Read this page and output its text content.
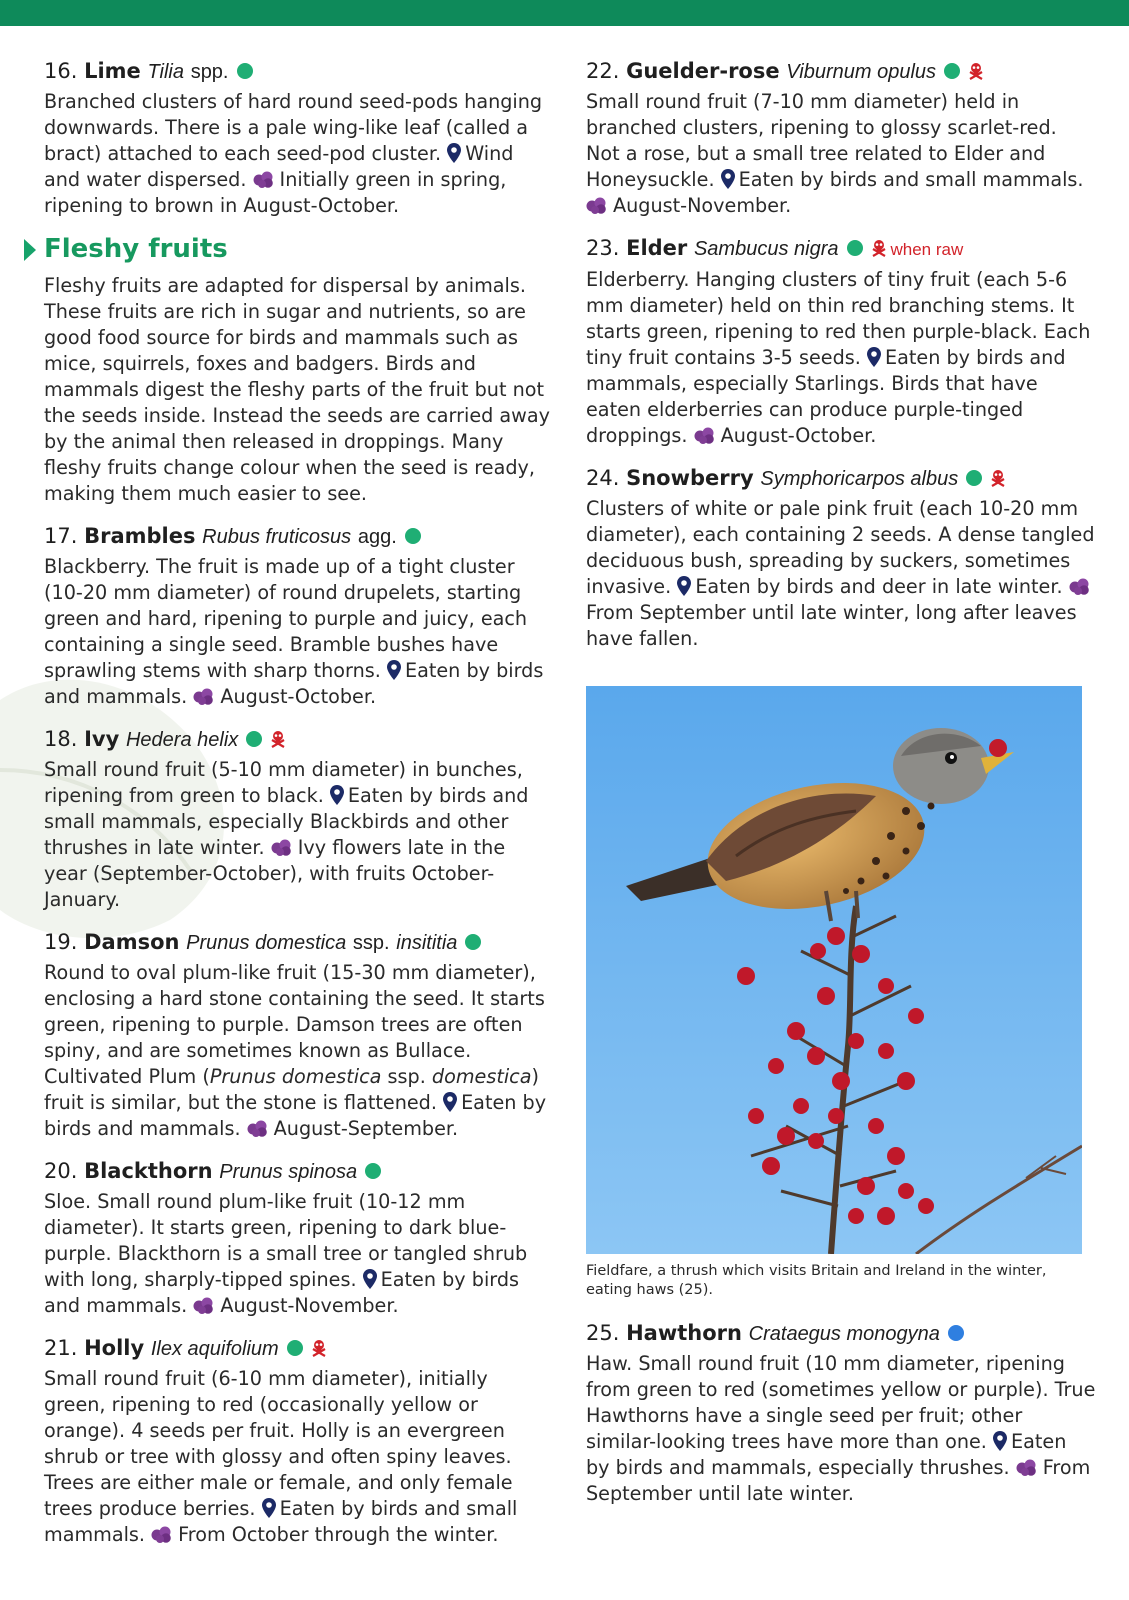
16. Lime Tilia spp.
Branched clusters of hard round seed-pods hanging downwards. There is a pale wing-like leaf (called a bract) attached to each seed-pod cluster. Wind and water dispersed. Initially green in spring, ripening to brown in August-October.
Fleshy fruits
Fleshy fruits are adapted for dispersal by animals. These fruits are rich in sugar and nutrients, so are good food source for birds and mammals such as mice, squirrels, foxes and badgers. Birds and mammals digest the fleshy parts of the fruit but not the seeds inside. Instead the seeds are carried away by the animal then released in droppings. Many fleshy fruits change colour when the seed is ready, making them much easier to see.
17. Brambles Rubus fruticosus agg.
Blackberry. The fruit is made up of a tight cluster (10-20 mm diameter) of round drupelets, starting green and hard, ripening to purple and juicy, each containing a single seed. Bramble bushes have sprawling stems with sharp thorns. Eaten by birds and mammals. August-October.
18. Ivy Hedera helix
Small round fruit (5-10 mm diameter) in bunches, ripening from green to black. Eaten by birds and small mammals, especially Blackbirds and other thrushes in late winter. Ivy flowers late in the year (September-October), with fruits October-January.
19. Damson Prunus domestica ssp. insititia
Round to oval plum-like fruit (15-30 mm diameter), enclosing a hard stone containing the seed. It starts green, ripening to purple. Damson trees are often spiny, and are sometimes known as Bullace. Cultivated Plum (Prunus domestica ssp. domestica) fruit is similar, but the stone is flattened. Eaten by birds and mammals. August-September.
20. Blackthorn Prunus spinosa
Sloe. Small round plum-like fruit (10-12 mm diameter). It starts green, ripening to dark blue-purple. Blackthorn is a small tree or tangled shrub with long, sharply-tipped spines. Eaten by birds and mammals. August-November.
21. Holly Ilex aquifolium
Small round fruit (6-10 mm diameter), initially green, ripening to red (occasionally yellow or orange). 4 seeds per fruit. Holly is an evergreen shrub or tree with glossy and often spiny leaves. Trees are either male or female, and only female trees produce berries. Eaten by birds and small mammals. From October through the winter.
22. Guelder-rose Viburnum opulus
Small round fruit (7-10 mm diameter) held in branched clusters, ripening to glossy scarlet-red. Not a rose, but a small tree related to Elder and Honeysuckle. Eaten by birds and small mammals. August-November.
23. Elder Sambucus nigra	when raw
Elderberry. Hanging clusters of tiny fruit (each 5-6 mm diameter) held on thin red branching stems. It starts green, ripening to red then purple-black. Each tiny fruit contains 3-5 seeds. Eaten by birds and mammals, especially Starlings. Birds that have eaten elderberries can produce purple-tinged droppings. August-October.
24. Snowberry Symphoricarpos albus
Clusters of white or pale pink fruit (each 10-20 mm diameter), each containing 2 seeds. A dense tangled deciduous bush, spreading by suckers, sometimes invasive. Eaten by birds and deer in late winter. From September until late winter, long after leaves have fallen.
Fieldfare, a thrush which visits Britain and Ireland in the winter, eating haws (25).
25. Hawthorn Crataegus monogyna
Haw. Small round fruit (10 mm diameter, ripening from green to red (sometimes yellow or purple). True Hawthorns have a single seed per fruit; other similar-looking trees have more than one. Eaten by birds and mammals, especially thrushes. From September until late winter.
